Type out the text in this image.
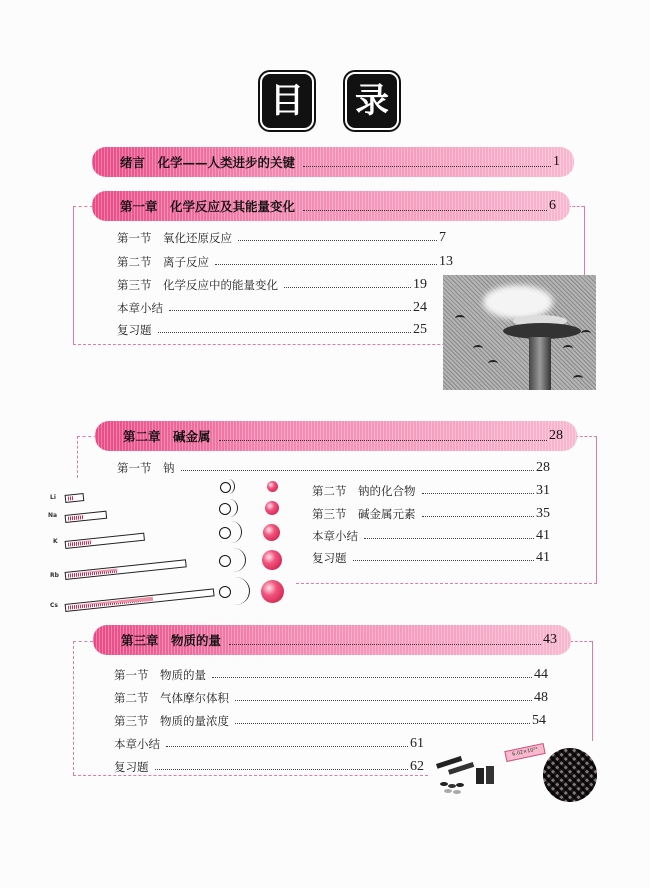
目 录
绪言　化学——人类进步的关键	1
第一章　化学反应及其能量变化	6
第一节　氧化还原反应	7
第二节　离子反应	13
第三节　化学反应中的能量变化	19
本章小结	24
复习题	25
第二章　碱金属	28
第一节　钠	28
第二节　钠的化合物	31
第三节　碱金属元素	35
本章小结	41
复习题	41
Li
Na
K
Rb
Cs
第三章　物质的量	43
第一节　物质的量	44
第二节　气体摩尔体积	48
第三节　物质的量浓度	54
本章小结	61
复习题	62
6.02×10²³
